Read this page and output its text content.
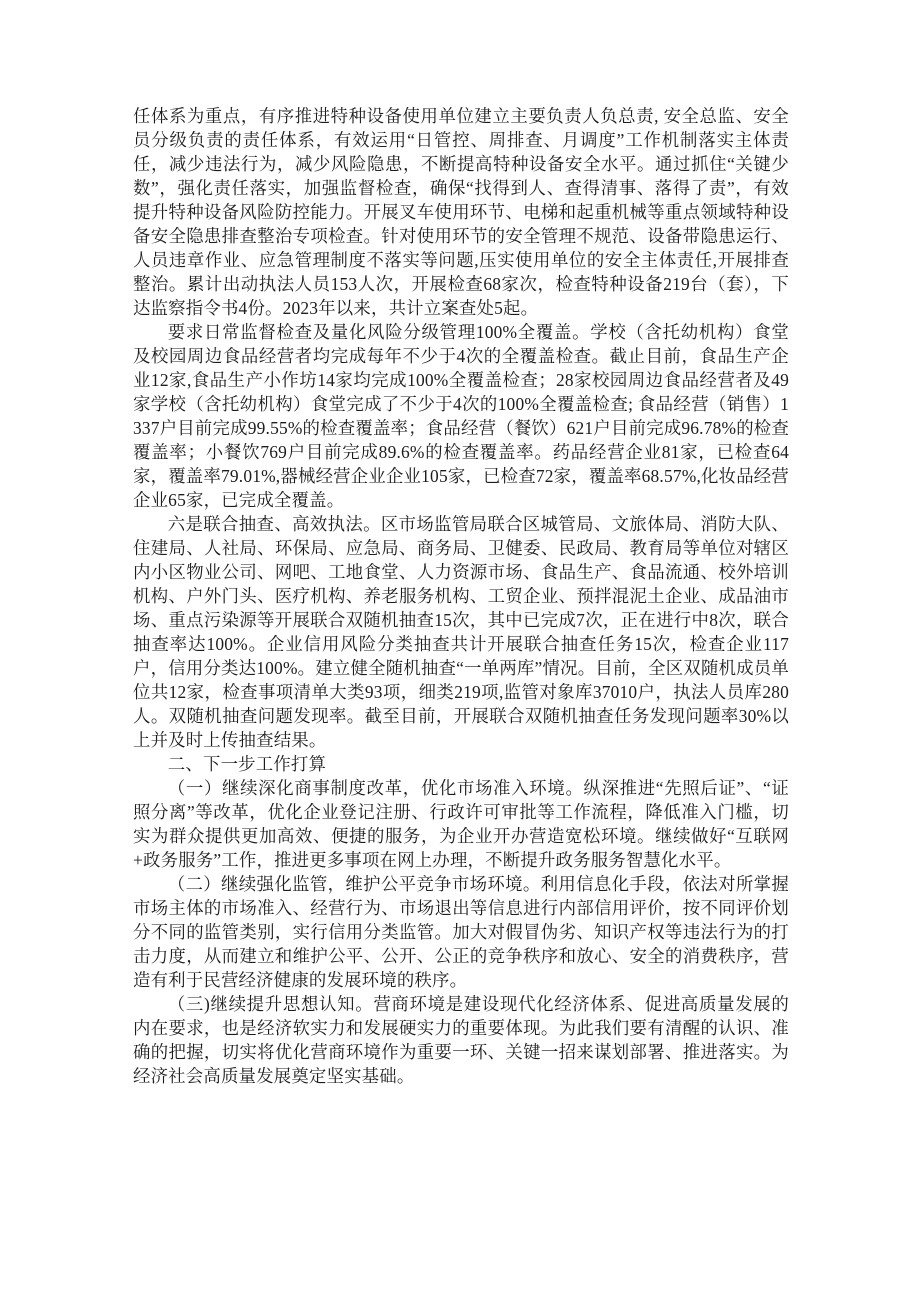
任体系为重点，有序推进特种设备使用单位建立主要负责人负总责, 安全总监、安全员分级负责的责任体系，有效运用“日管控、周排查、月调度”工作机制落实主体责任，减少违法行为，减少风险隐患，不断提高特种设备安全水平。通过抓住“关键少数”，强化责任落实，加强监督检查，确保“找得到人、查得清事、落得了责”，有效提升特种设备风险防控能力。开展叉车使用环节、电梯和起重机械等重点领域特种设备安全隐患排查整治专项检查。针对使用环节的安全管理不规范、设备带隐患运行、人员违章作业、应急管理制度不落实等问题,压实使用单位的安全主体责任,开展排查整治。累计出动执法人员153人次，开展检查68家次，检查特种设备219台（套），下达监察指令书4份。2023年以来，共计立案查处5起。

要求日常监督检查及量化风险分级管理100%全覆盖。学校（含托幼机构）食堂及校园周边食品经营者均完成每年不少于4次的全覆盖检查。截止目前，食品生产企业12家,食品生产小作坊14家均完成100%全覆盖检查；28家校园周边食品经营者及49家学校（含托幼机构）食堂完成了不少于4次的100%全覆盖检查; 食品经营（销售）1337户目前完成99.55%的检查覆盖率；食品经营（餐饮）621户目前完成96.78%的检查覆盖率；小餐饮769户目前完成89.6%的检查覆盖率。药品经营企业81家，已检查64家，覆盖率79.01%,器械经营企业企业105家，已检查72家，覆盖率68.57%,化妆品经营企业65家，已完成全覆盖。

六是联合抽查、高效执法。区市场监管局联合区城管局、文旅体局、消防大队、住建局、人社局、环保局、应急局、商务局、卫健委、民政局、教育局等单位对辖区内小区物业公司、网吧、工地食堂、人力资源市场、食品生产、食品流通、校外培训机构、户外门头、医疗机构、养老服务机构、工贸企业、预拌混泥土企业、成品油市场、重点污染源等开展联合双随机抽查15次，其中已完成7次，正在进行中8次，联合抽查率达100%。企业信用风险分类抽查共计开展联合抽查任务15次，检查企业117户，信用分类达100%。建立健全随机抽查“一单两库”情况。目前，全区双随机成员单位共12家，检查事项清单大类93项，细类219项,监管对象库37010户，执法人员库280人。双随机抽查问题发现率。截至目前，开展联合双随机抽查任务发现问题率30%以上并及时上传抽查结果。

二、下一步工作打算

（一）继续深化商事制度改革，优化市场准入环境。纵深推进“先照后证”、“证照分离”等改革，优化企业登记注册、行政许可审批等工作流程，降低准入门槛，切实为群众提供更加高效、便捷的服务，为企业开办营造宽松环境。继续做好“互联网+政务服务”工作，推进更多事项在网上办理，不断提升政务服务智慧化水平。

（二）继续强化监管，维护公平竞争市场环境。利用信息化手段，依法对所掌握市场主体的市场准入、经营行为、市场退出等信息进行内部信用评价，按不同评价划分不同的监管类别，实行信用分类监管。加大对假冒伪劣、知识产权等违法行为的打击力度，从而建立和维护公平、公开、公正的竞争秩序和放心、安全的消费秩序，营造有利于民营经济健康的发展环境的秩序。

（三)继续提升思想认知。营商环境是建设现代化经济体系、促进高质量发展的内在要求，也是经济软实力和发展硬实力的重要体现。为此我们要有清醒的认识、准确的把握，切实将优化营商环境作为重要一环、关键一招来谋划部署、推进落实。为经济社会高质量发展奠定坚实基础。
